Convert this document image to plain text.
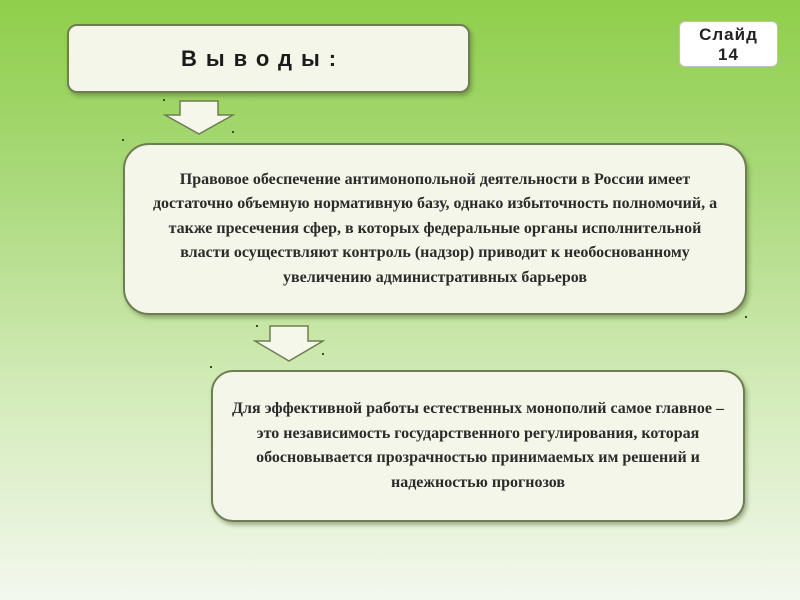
Выводы:
Слайд
14

Правовое обеспечение антимонопольной деятельности в России имеет достаточно объемную нормативную базу, однако избыточность полномочий, а также пресечения сфер, в которых федеральные органы исполнительной власти осуществляют контроль (надзор) приводит к необоснованному увеличению административных барьеров

Для эффективной работы естественных монополий самое главное – это независимость государственного регулирования, которая обосновывается прозрачностью принимаемых им решений и надежностью прогнозов
